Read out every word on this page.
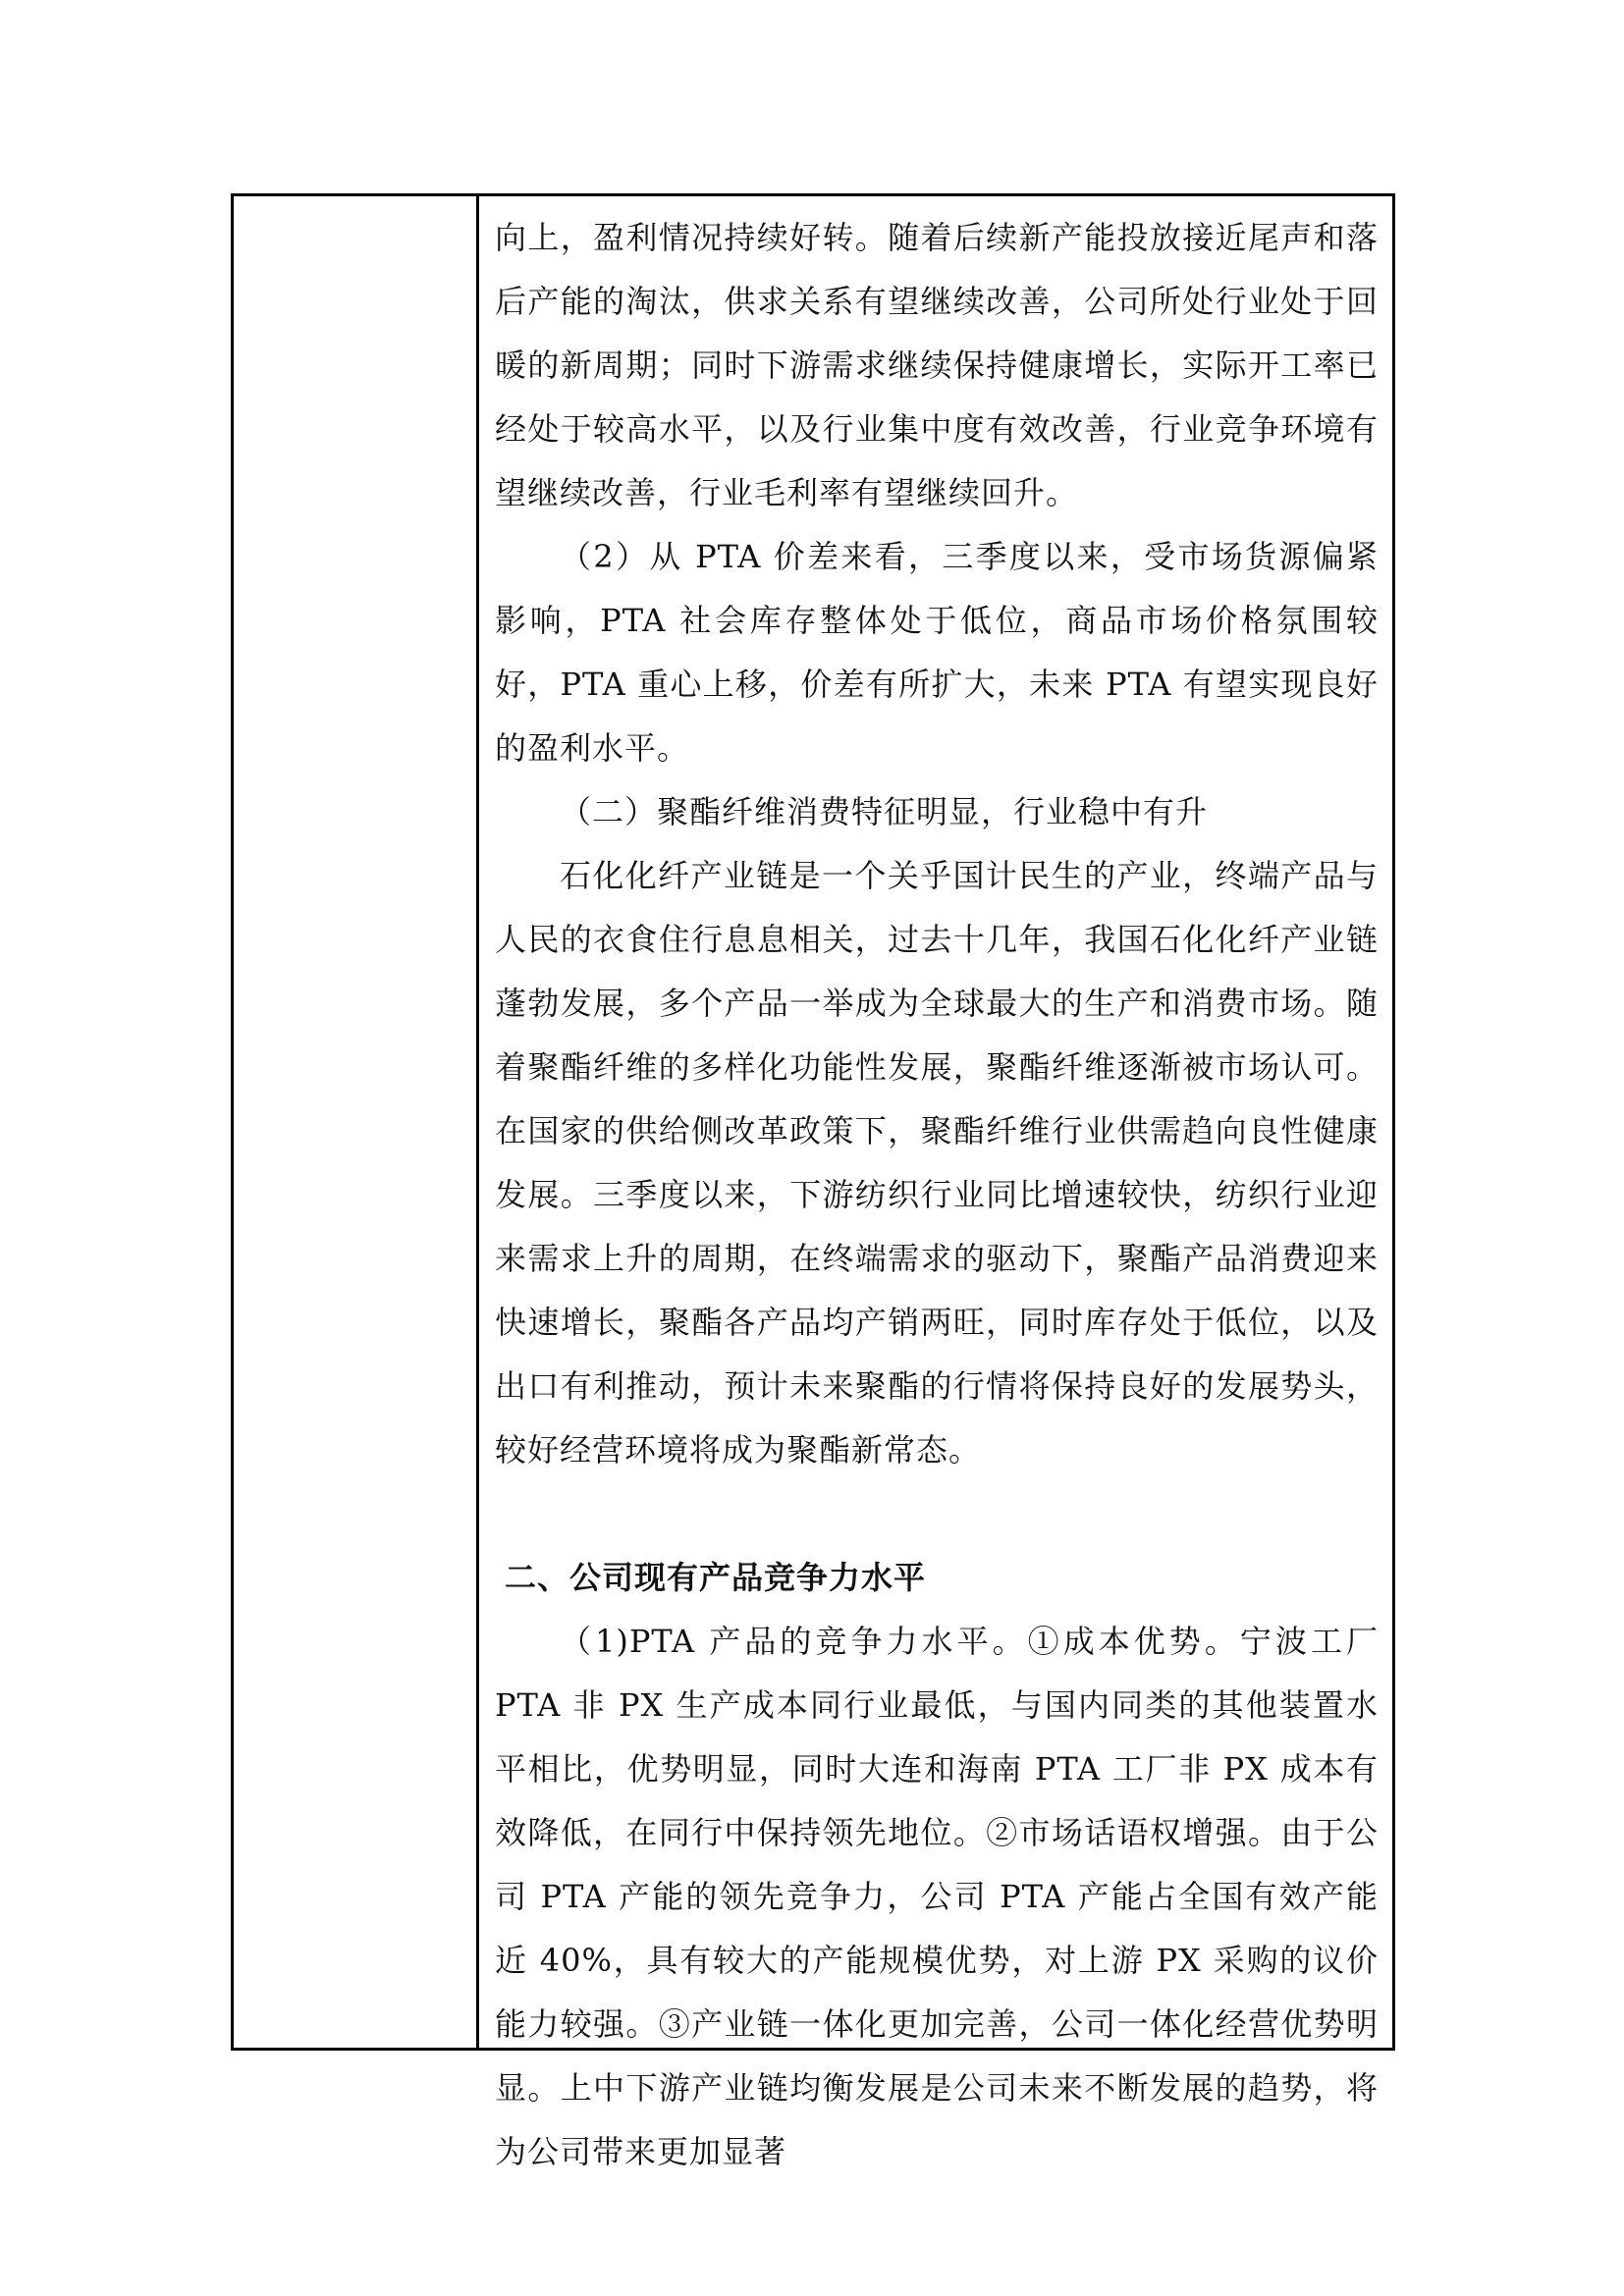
向上，盈利情况持续好转。随着后续新产能投放接近尾声和落后产能的淘汰，供求关系有望继续改善，公司所处行业处于回暖的新周期；同时下游需求继续保持健康增长，实际开工率已经处于较高水平，以及行业集中度有效改善，行业竞争环境有望继续改善，行业毛利率有望继续回升。

（2）从 PTA 价差来看，三季度以来，受市场货源偏紧影响，PTA 社会库存整体处于低位，商品市场价格氛围较好，PTA 重心上移，价差有所扩大，未来 PTA 有望实现良好的盈利水平。

（二）聚酯纤维消费特征明显，行业稳中有升

石化化纤产业链是一个关乎国计民生的产业，终端产品与人民的衣食住行息息相关，过去十几年，我国石化化纤产业链蓬勃发展，多个产品一举成为全球最大的生产和消费市场。随着聚酯纤维的多样化功能性发展，聚酯纤维逐渐被市场认可。在国家的供给侧改革政策下，聚酯纤维行业供需趋向良性健康发展。三季度以来，下游纺织行业同比增速较快，纺织行业迎来需求上升的周期，在终端需求的驱动下，聚酯产品消费迎来快速增长，聚酯各产品均产销两旺，同时库存处于低位，以及出口有利推动，预计未来聚酯的行情将保持良好的发展势头，较好经营环境将成为聚酯新常态。

二、公司现有产品竞争力水平

（1)PTA 产品的竞争力水平。①成本优势。宁波工厂 PTA 非 PX 生产成本同行业最低，与国内同类的其他装置水平相比，优势明显，同时大连和海南 PTA 工厂非 PX 成本有效降低，在同行中保持领先地位。②市场话语权增强。由于公司 PTA 产能的领先竞争力，公司 PTA 产能占全国有效产能近 40%，具有较大的产能规模优势，对上游 PX 采购的议价能力较强。③产业链一体化更加完善，公司一体化经营优势明显。上中下游产业链均衡发展是公司未来不断发展的趋势，将为公司带来更加显著
